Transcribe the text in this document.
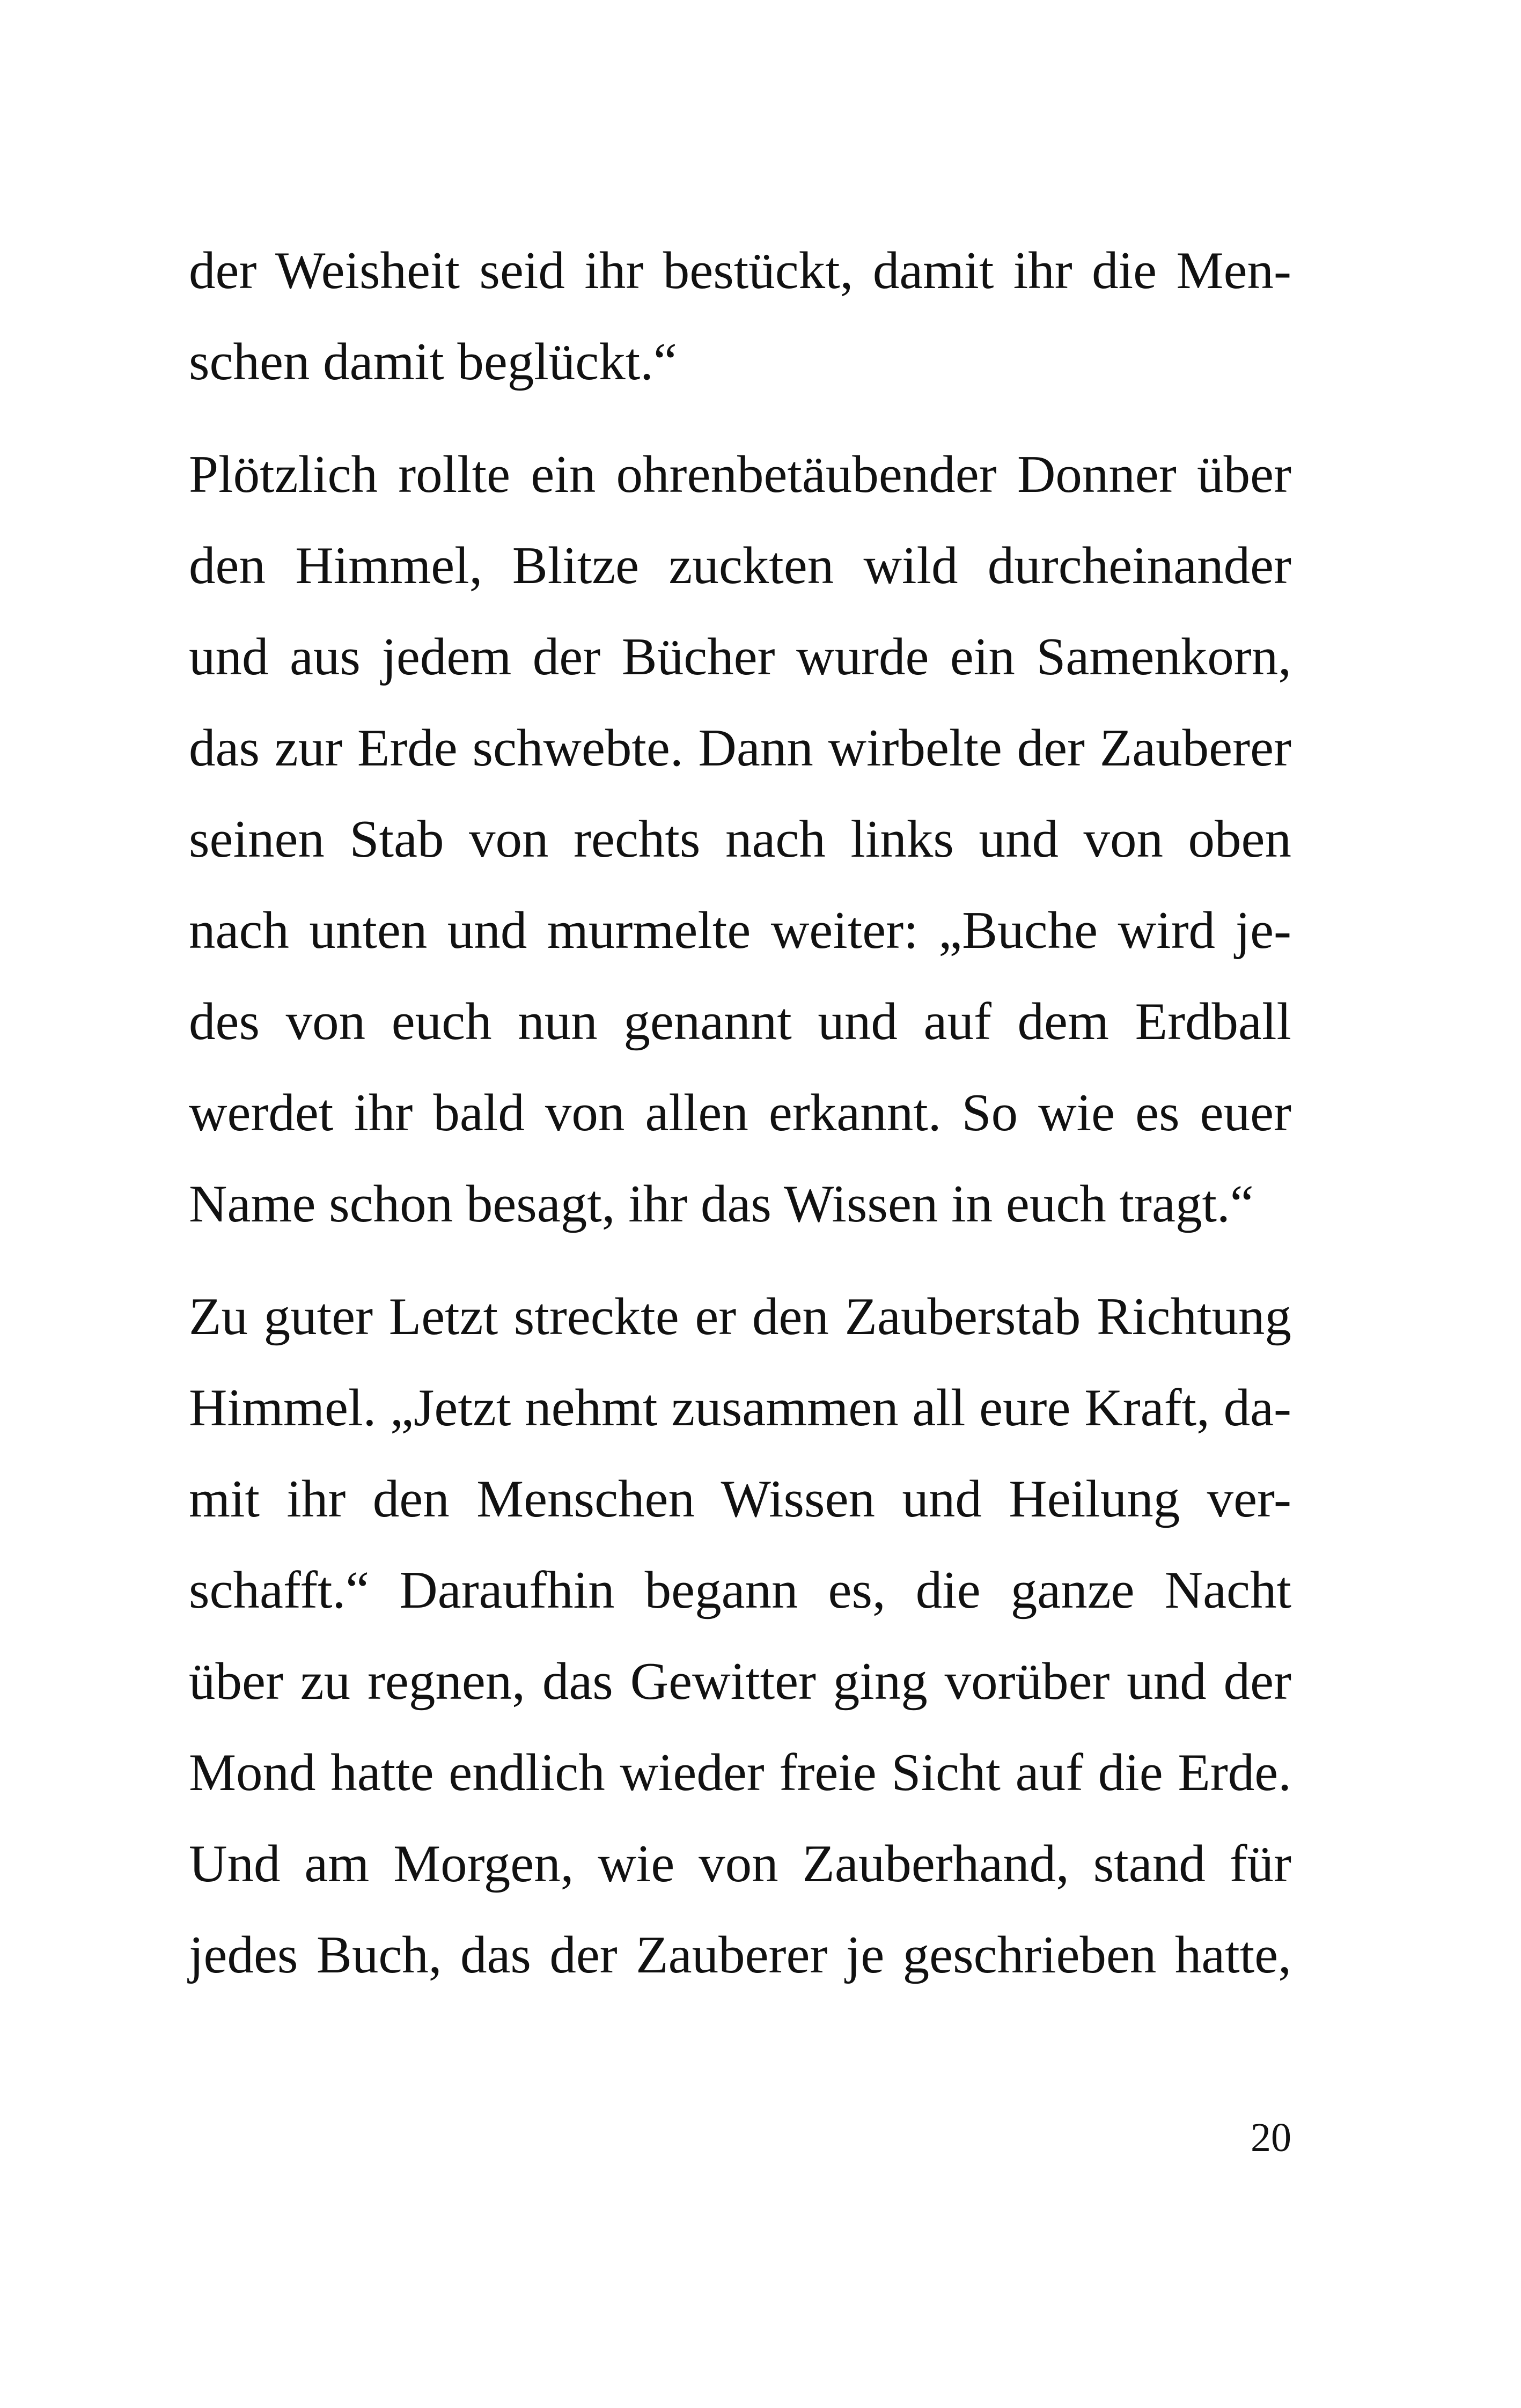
der Weisheit seid ihr bestückt, damit ihr die Men-
schen damit beglückt.“
Plötzlich rollte ein ohrenbetäubender Donner über
den Himmel, Blitze zuckten wild durcheinander
und aus jedem der Bücher wurde ein Samenkorn,
das zur Erde schwebte. Dann wirbelte der Zauberer
seinen Stab von rechts nach links und von oben
nach unten und murmelte weiter: „Buche wird je-
des von euch nun genannt und auf dem Erdball
werdet ihr bald von allen erkannt. So wie es euer
Name schon besagt, ihr das Wissen in euch tragt.“
Zu guter Letzt streckte er den Zauberstab Richtung
Himmel. „Jetzt nehmt zusammen all eure Kraft, da-
mit ihr den Menschen Wissen und Heilung ver-
schafft.“ Daraufhin begann es, die ganze Nacht
über zu regnen, das Gewitter ging vorüber und der
Mond hatte endlich wieder freie Sicht auf die Erde.
Und am Morgen, wie von Zauberhand, stand für
jedes Buch, das der Zauberer je geschrieben hatte,
20
